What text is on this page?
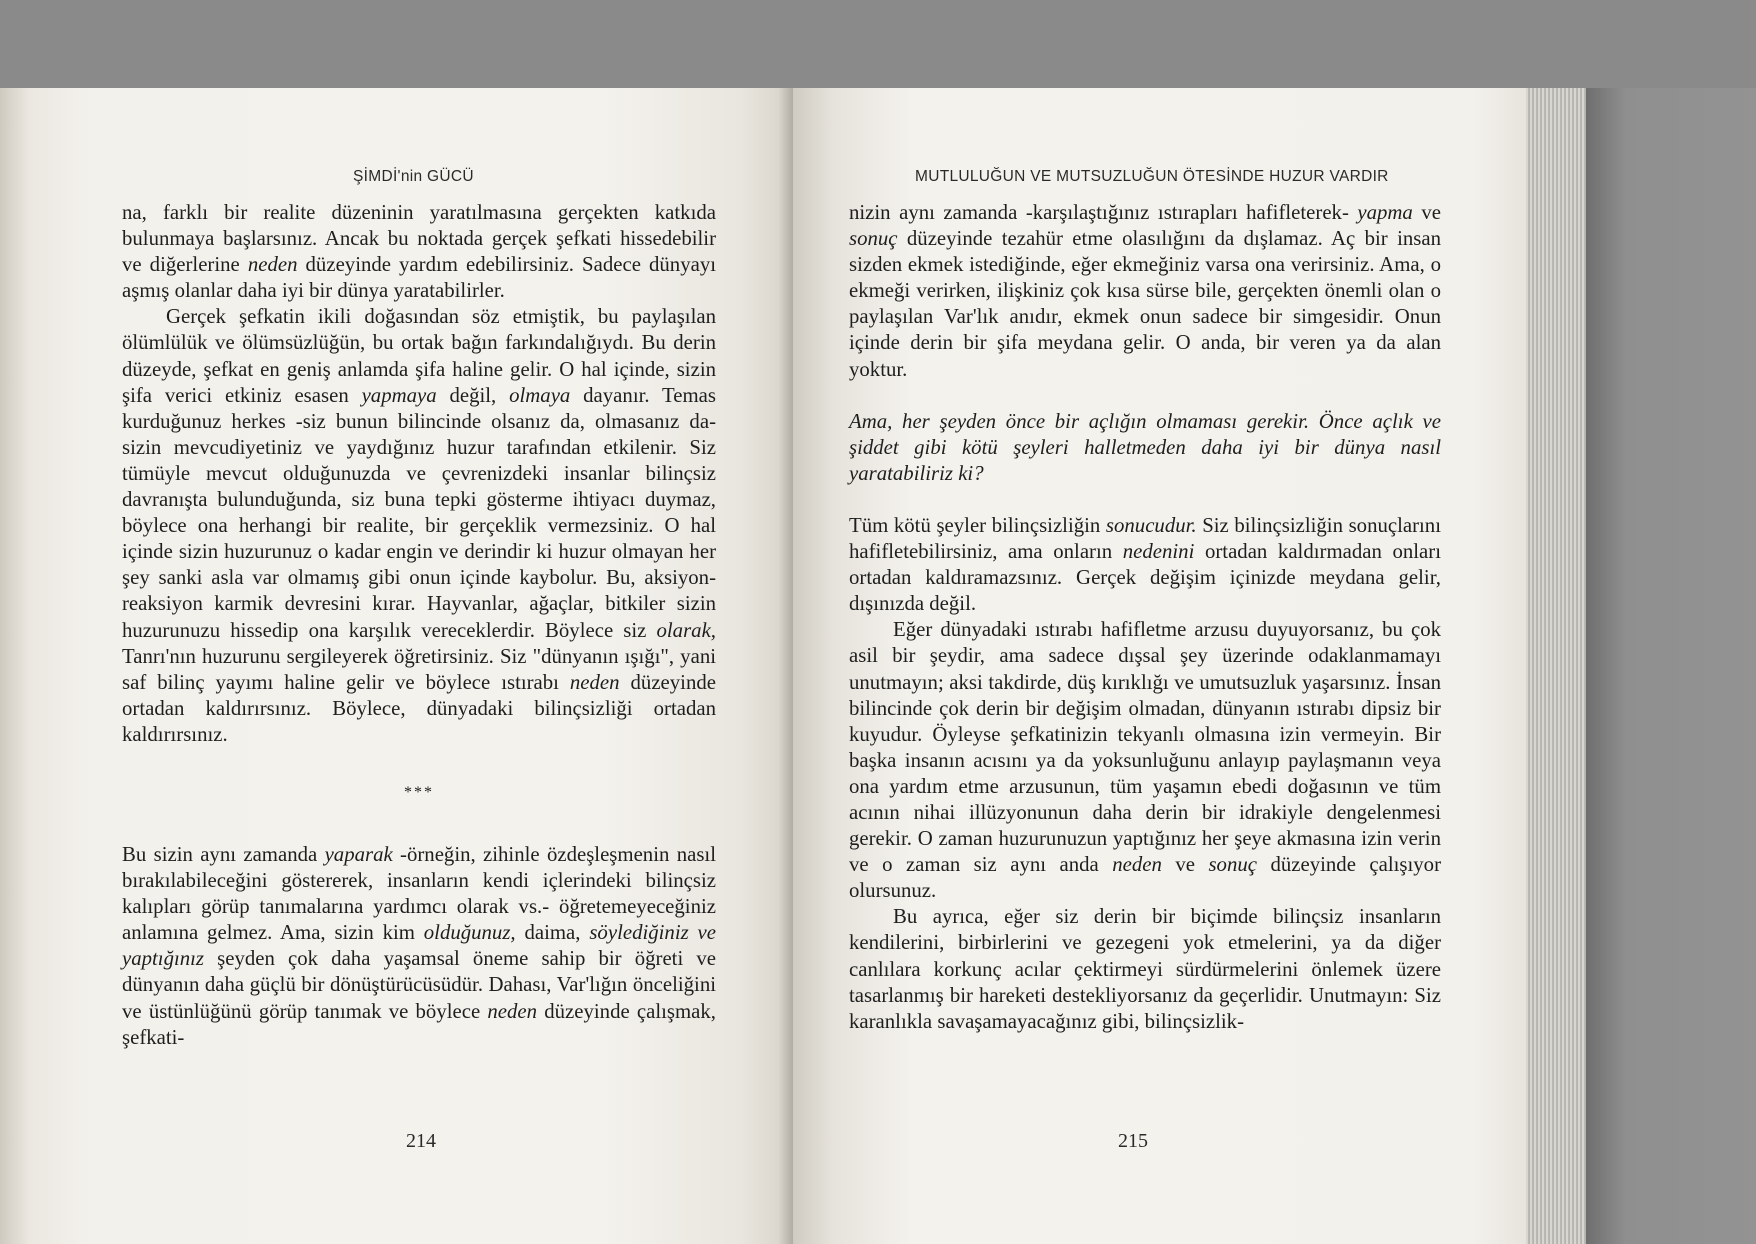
ŞİMDİ'nin GÜCÜ

na, farklı bir realite düzeninin yaratılmasına gerçekten katkıda bulunmaya başlarsınız. Ancak bu noktada gerçek şefkati hissedebilir ve diğerlerine neden düzeyinde yardım edebilirsiniz. Sadece dünyayı aşmış olanlar daha iyi bir dünya yaratabilirler.

Gerçek şefkatin ikili doğasından söz etmiştik, bu paylaşılan ölümlülük ve ölümsüzlüğün, bu ortak bağın farkındalığıydı. Bu derin düzeyde, şefkat en geniş anlamda şifa haline gelir. O hal içinde, sizin şifa verici etkiniz esasen yapmaya değil, olmaya dayanır. Temas kurduğunuz herkes -siz bunun bilincinde olsanız da, olmasanız da- sizin mevcudiyetiniz ve yaydığınız huzur tarafından etkilenir. Siz tümüyle mevcut olduğunuzda ve çevrenizdeki insanlar bilinçsiz davranışta bulunduğunda, siz buna tepki gösterme ihtiyacı duymaz, böylece ona herhangi bir realite, bir gerçeklik vermezsiniz. O hal içinde sizin huzurunuz o kadar engin ve derindir ki huzur olmayan her şey sanki asla var olmamış gibi onun içinde kaybolur. Bu, aksiyon-reaksiyon karmik devresini kırar. Hayvanlar, ağaçlar, bitkiler sizin huzurunuzu hissedip ona karşılık vereceklerdir. Böylece siz olarak, Tanrı'nın huzurunu sergileyerek öğretirsiniz. Siz "dünyanın ışığı", yani saf bilinç yayımı haline gelir ve böylece ıstırabı neden düzeyinde ortadan kaldırırsınız. Böylece, dünyadaki bilinçsizliği ortadan kaldırırsınız.

***

Bu sizin aynı zamanda yaparak -örneğin, zihinle özdeşleşmenin nasıl bırakılabileceğini göstererek, insanların kendi içlerindeki bilinçsiz kalıpları görüp tanımalarına yardımcı olarak vs.- öğretemeyeceğiniz anlamına gelmez. Ama, sizin kim olduğunuz, daima, söylediğiniz ve yaptığınız şeyden çok daha yaşamsal öneme sahip bir öğreti ve dünyanın daha güçlü bir dönüştürücüsüdür. Dahası, Var'lığın önceliğini ve üstünlüğünü görüp tanımak ve böylece neden düzeyinde çalışmak, şefkati-

214
MUTLULUĞUN VE MUTSUZLUĞUN ÖTESİNDE HUZUR VARDIR

nizin aynı zamanda -karşılaştığınız ıstırapları hafifleterek- yapma ve sonuç düzeyinde tezahür etme olasılığını da dışlamaz. Aç bir insan sizden ekmek istediğinde, eğer ekmeğiniz varsa ona verirsiniz. Ama, o ekmeği verirken, ilişkiniz çok kısa sürse bile, gerçekten önemli olan o paylaşılan Var'lık anıdır, ekmek onun sadece bir simgesidir. Onun içinde derin bir şifa meydana gelir. O anda, bir veren ya da alan yoktur.

Ama, her şeyden önce bir açlığın olmaması gerekir. Önce açlık ve şiddet gibi kötü şeyleri halletmeden daha iyi bir dünya nasıl yaratabiliriz ki?

Tüm kötü şeyler bilinçsizliğin sonucudur. Siz bilinçsizliğin sonuçlarını hafifletebilirsiniz, ama onların nedenini ortadan kaldırmadan onları ortadan kaldıramazsınız. Gerçek değişim içinizde meydana gelir, dışınızda değil.

Eğer dünyadaki ıstırabı hafifletme arzusu duyuyorsanız, bu çok asil bir şeydir, ama sadece dışsal şey üzerinde odaklanmamayı unutmayın; aksi takdirde, düş kırıklığı ve umutsuzluk yaşarsınız. İnsan bilincinde çok derin bir değişim olmadan, dünyanın ıstırabı dipsiz bir kuyudur. Öyleyse şefkatinizin tekyanlı olmasına izin vermeyin. Bir başka insanın acısını ya da yoksunluğunu anlayıp paylaşmanın veya ona yardım etme arzusunun, tüm yaşamın ebedi doğasının ve tüm acının nihai illüzyonunun daha derin bir idrakiyle dengelenmesi gerekir. O zaman huzurunuzun yaptığınız her şeye akmasına izin verin ve o zaman siz aynı anda neden ve sonuç düzeyinde çalışıyor olursunuz.

Bu ayrıca, eğer siz derin bir biçimde bilinçsiz insanların kendilerini, birbirlerini ve gezegeni yok etmelerini, ya da diğer canlılara korkunç acılar çektirmeyi sürdürmelerini önlemek üzere tasarlanmış bir hareketi destekliyorsanız da geçerlidir. Unutmayın: Siz karanlıkla savaşamayacağınız gibi, bilinçsizlik-

215
